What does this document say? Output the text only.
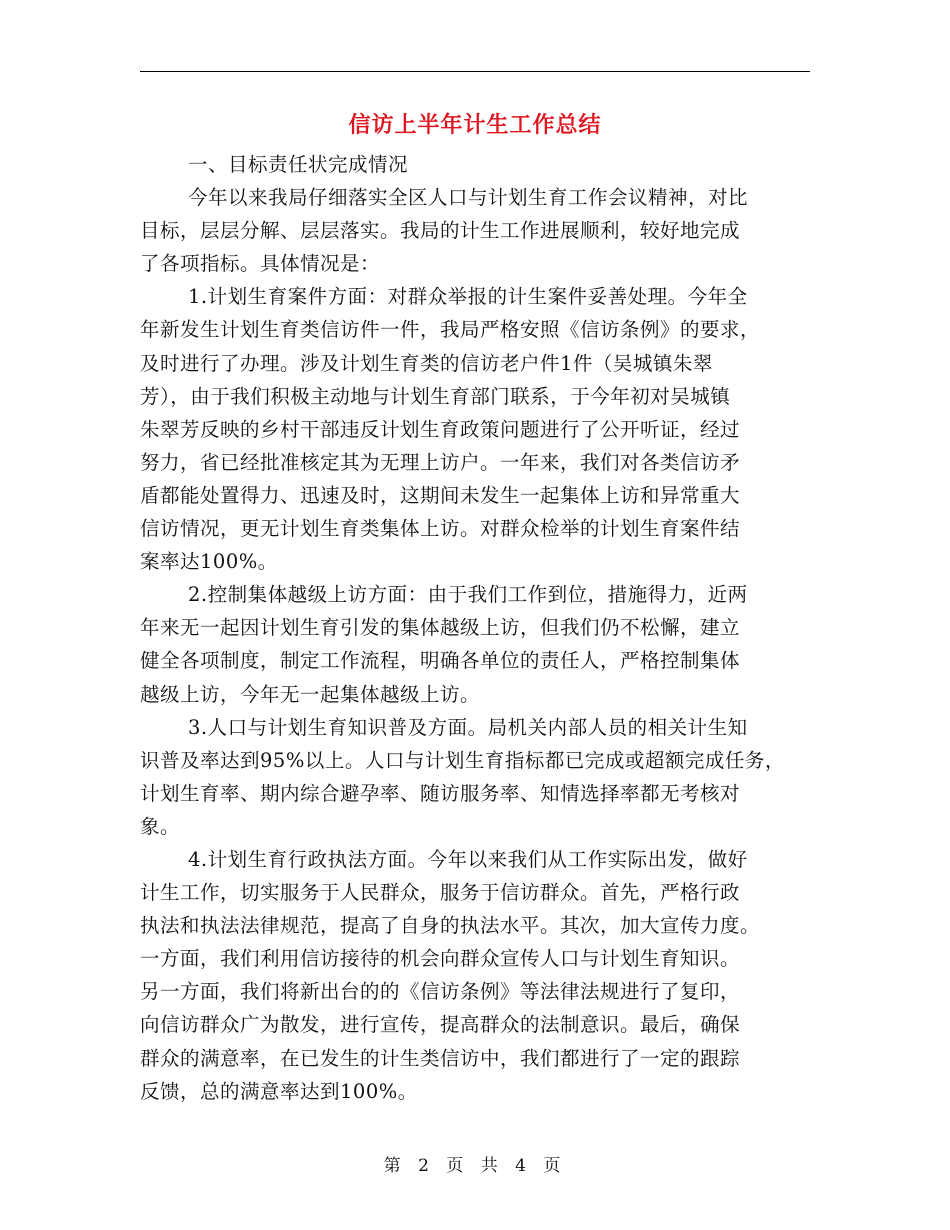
信访上半年计生工作总结
一、目标责任状完成情况
今年以来我局仔细落实全区人口与计划生育工作会议精神，对比
目标，层层分解、层层落实。我局的计生工作进展顺利，较好地完成
了各项指标。具体情况是：
1.计划生育案件方面：对群众举报的计生案件妥善处理。今年全
年新发生计划生育类信访件一件，我局严格安照《信访条例》的要求，
及时进行了办理。涉及计划生育类的信访老户件1件（吴城镇朱翠
芳），由于我们积极主动地与计划生育部门联系，于今年初对吴城镇
朱翠芳反映的乡村干部违反计划生育政策问题进行了公开听证，经过
努力，省已经批准核定其为无理上访户。一年来，我们对各类信访矛
盾都能处置得力、迅速及时，这期间未发生一起集体上访和异常重大
信访情况，更无计划生育类集体上访。对群众检举的计划生育案件结
案率达100%。
2.控制集体越级上访方面：由于我们工作到位，措施得力，近两
年来无一起因计划生育引发的集体越级上访，但我们仍不松懈，建立
健全各项制度，制定工作流程，明确各单位的责任人，严格控制集体
越级上访，今年无一起集体越级上访。
3.人口与计划生育知识普及方面。局机关内部人员的相关计生知
识普及率达到95%以上。人口与计划生育指标都已完成或超额完成任务，
计划生育率、期内综合避孕率、随访服务率、知情选择率都无考核对
象。
4.计划生育行政执法方面。今年以来我们从工作实际出发，做好
计生工作，切实服务于人民群众，服务于信访群众。首先，严格行政
执法和执法法律规范，提高了自身的执法水平。其次，加大宣传力度。
一方面，我们利用信访接待的机会向群众宣传人口与计划生育知识。
另一方面，我们将新出台的的《信访条例》等法律法规进行了复印，
向信访群众广为散发，进行宣传，提高群众的法制意识。最后，确保
群众的满意率，在已发生的计生类信访中，我们都进行了一定的跟踪
反馈，总的满意率达到100%。
第 2 页 共 4 页
